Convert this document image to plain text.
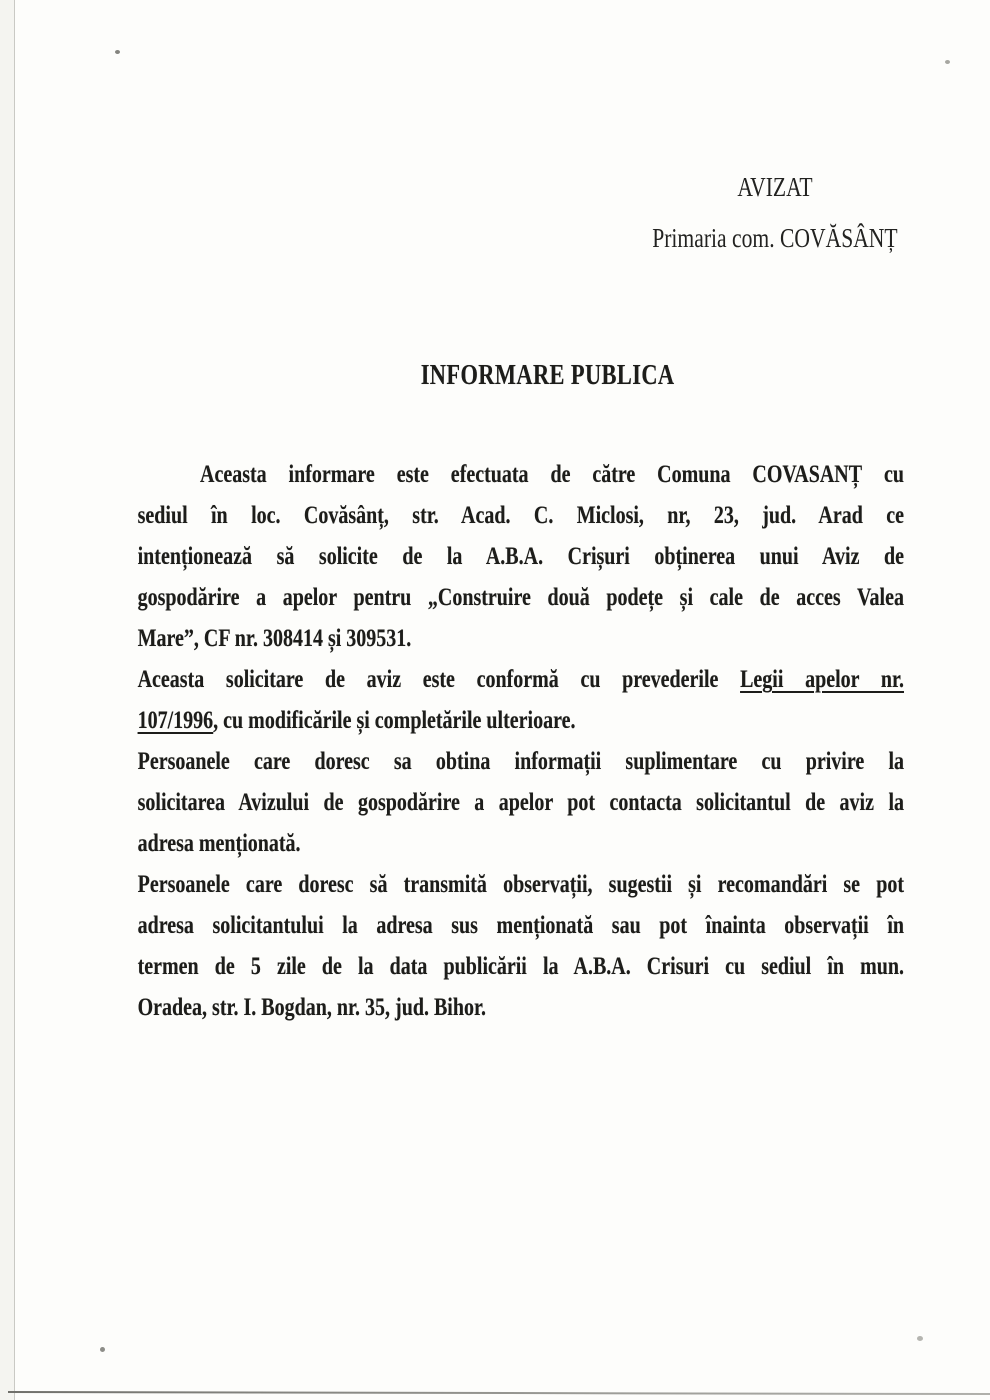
AVIZAT
Primaria com. COVĂSÂNȚ
INFORMARE PUBLICA
Aceasta informare este efectuata de către Comuna COVASANȚ cu
sediul în loc. Covăsânț, str. Acad. C. Miclosi, nr, 23, jud. Arad ce
intenționează să solicite de la A.B.A. Crișuri obținerea unui Aviz de
gospodărire a apelor pentru „Construire două podețe și cale de acces Valea
Mare”, CF nr. 308414 și 309531.
Aceasta solicitare de aviz este conformă cu prevederile Legii apelor nr.
107/1996, cu modificările și completările ulterioare.
Persoanele care doresc sa obtina informații suplimentare cu privire la
solicitarea Avizului de gospodărire a apelor pot contacta solicitantul de aviz la
adresa menționată.
Persoanele care doresc să transmită observații, sugestii și recomandări se pot
adresa solicitantului la adresa sus menționată sau pot înainta observații în
termen de 5 zile de la data publicării la A.B.A. Crisuri cu sediul în mun.
Oradea, str. I. Bogdan, nr. 35, jud. Bihor.
